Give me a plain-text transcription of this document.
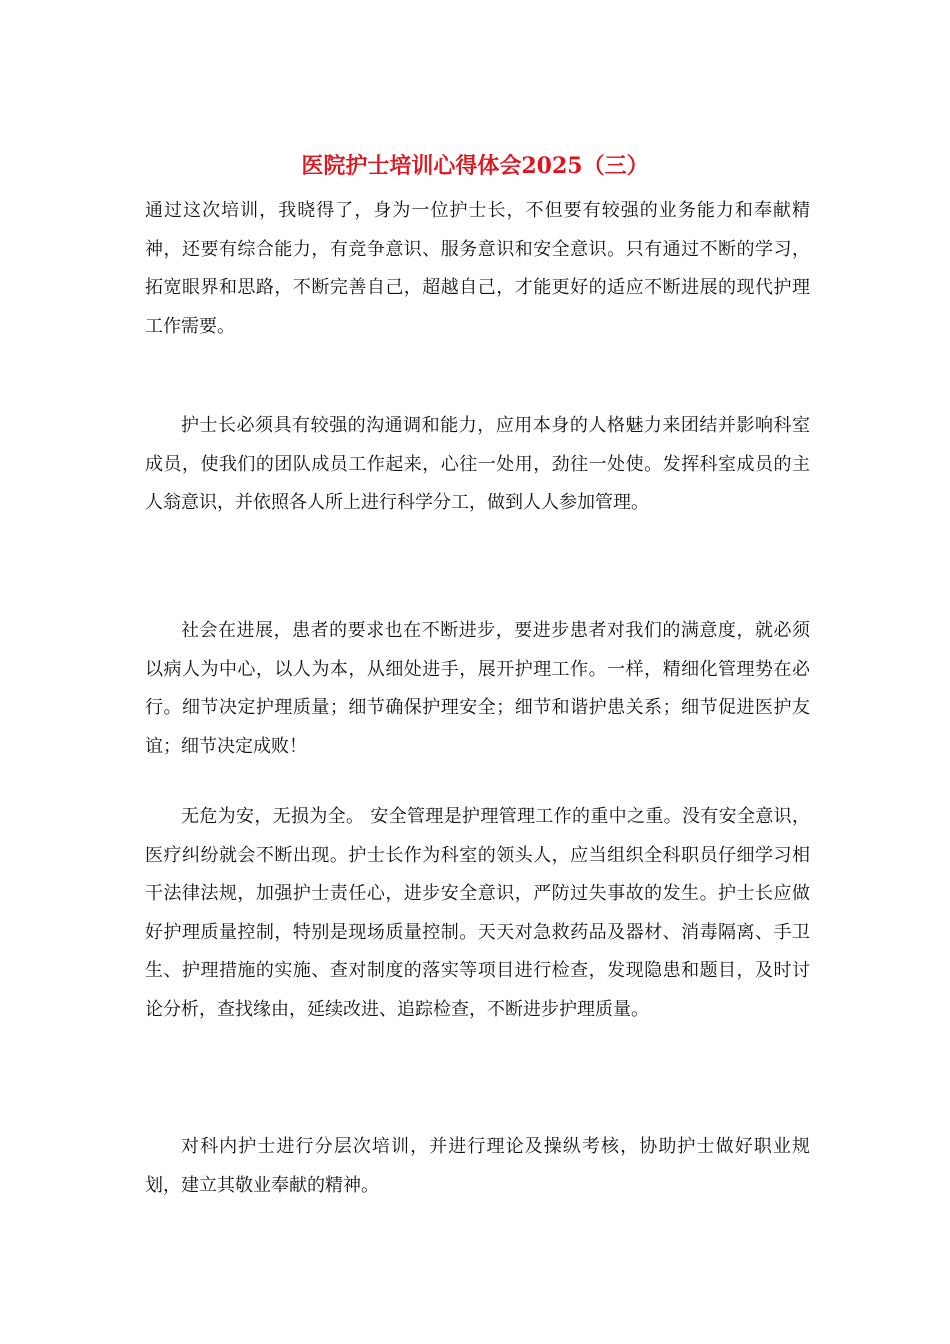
医院护士培训心得体会2025（三）

通过这次培训，我晓得了，身为一位护士长，不但要有较强的业务能力和奉献精神，还要有综合能力，有竞争意识、服务意识和安全意识。只有通过不断的学习，拓宽眼界和思路，不断完善自己，超越自己，才能更好的适应不断进展的现代护理工作需要。

护士长必须具有较强的沟通调和能力，应用本身的人格魅力来团结并影响科室成员，使我们的团队成员工作起来，心往一处用，劲往一处使。发挥科室成员的主人翁意识，并依照各人所上进行科学分工，做到人人参加管理。

社会在进展，患者的要求也在不断进步，要进步患者对我们的满意度，就必须以病人为中心，以人为本，从细处进手，展开护理工作。一样，精细化管理势在必行。细节决定护理质量；细节确保护理安全；细节和谐护患关系；细节促进医护友谊；细节决定成败！

无危为安，无损为全。 安全管理是护理管理工作的重中之重。没有安全意识，医疗纠纷就会不断出现。护士长作为科室的领头人，应当组织全科职员仔细学习相干法律法规，加强护士责任心，进步安全意识，严防过失事故的发生。护士长应做好护理质量控制，特别是现场质量控制。天天对急救药品及器材、消毒隔离、手卫生、护理措施的实施、查对制度的落实等项目进行检查，发现隐患和题目，及时讨论分析，查找缘由，延续改进、追踪检查，不断进步护理质量。

对科内护士进行分层次培训，并进行理论及操纵考核，协助护士做好职业规划，建立其敬业奉献的精神。
